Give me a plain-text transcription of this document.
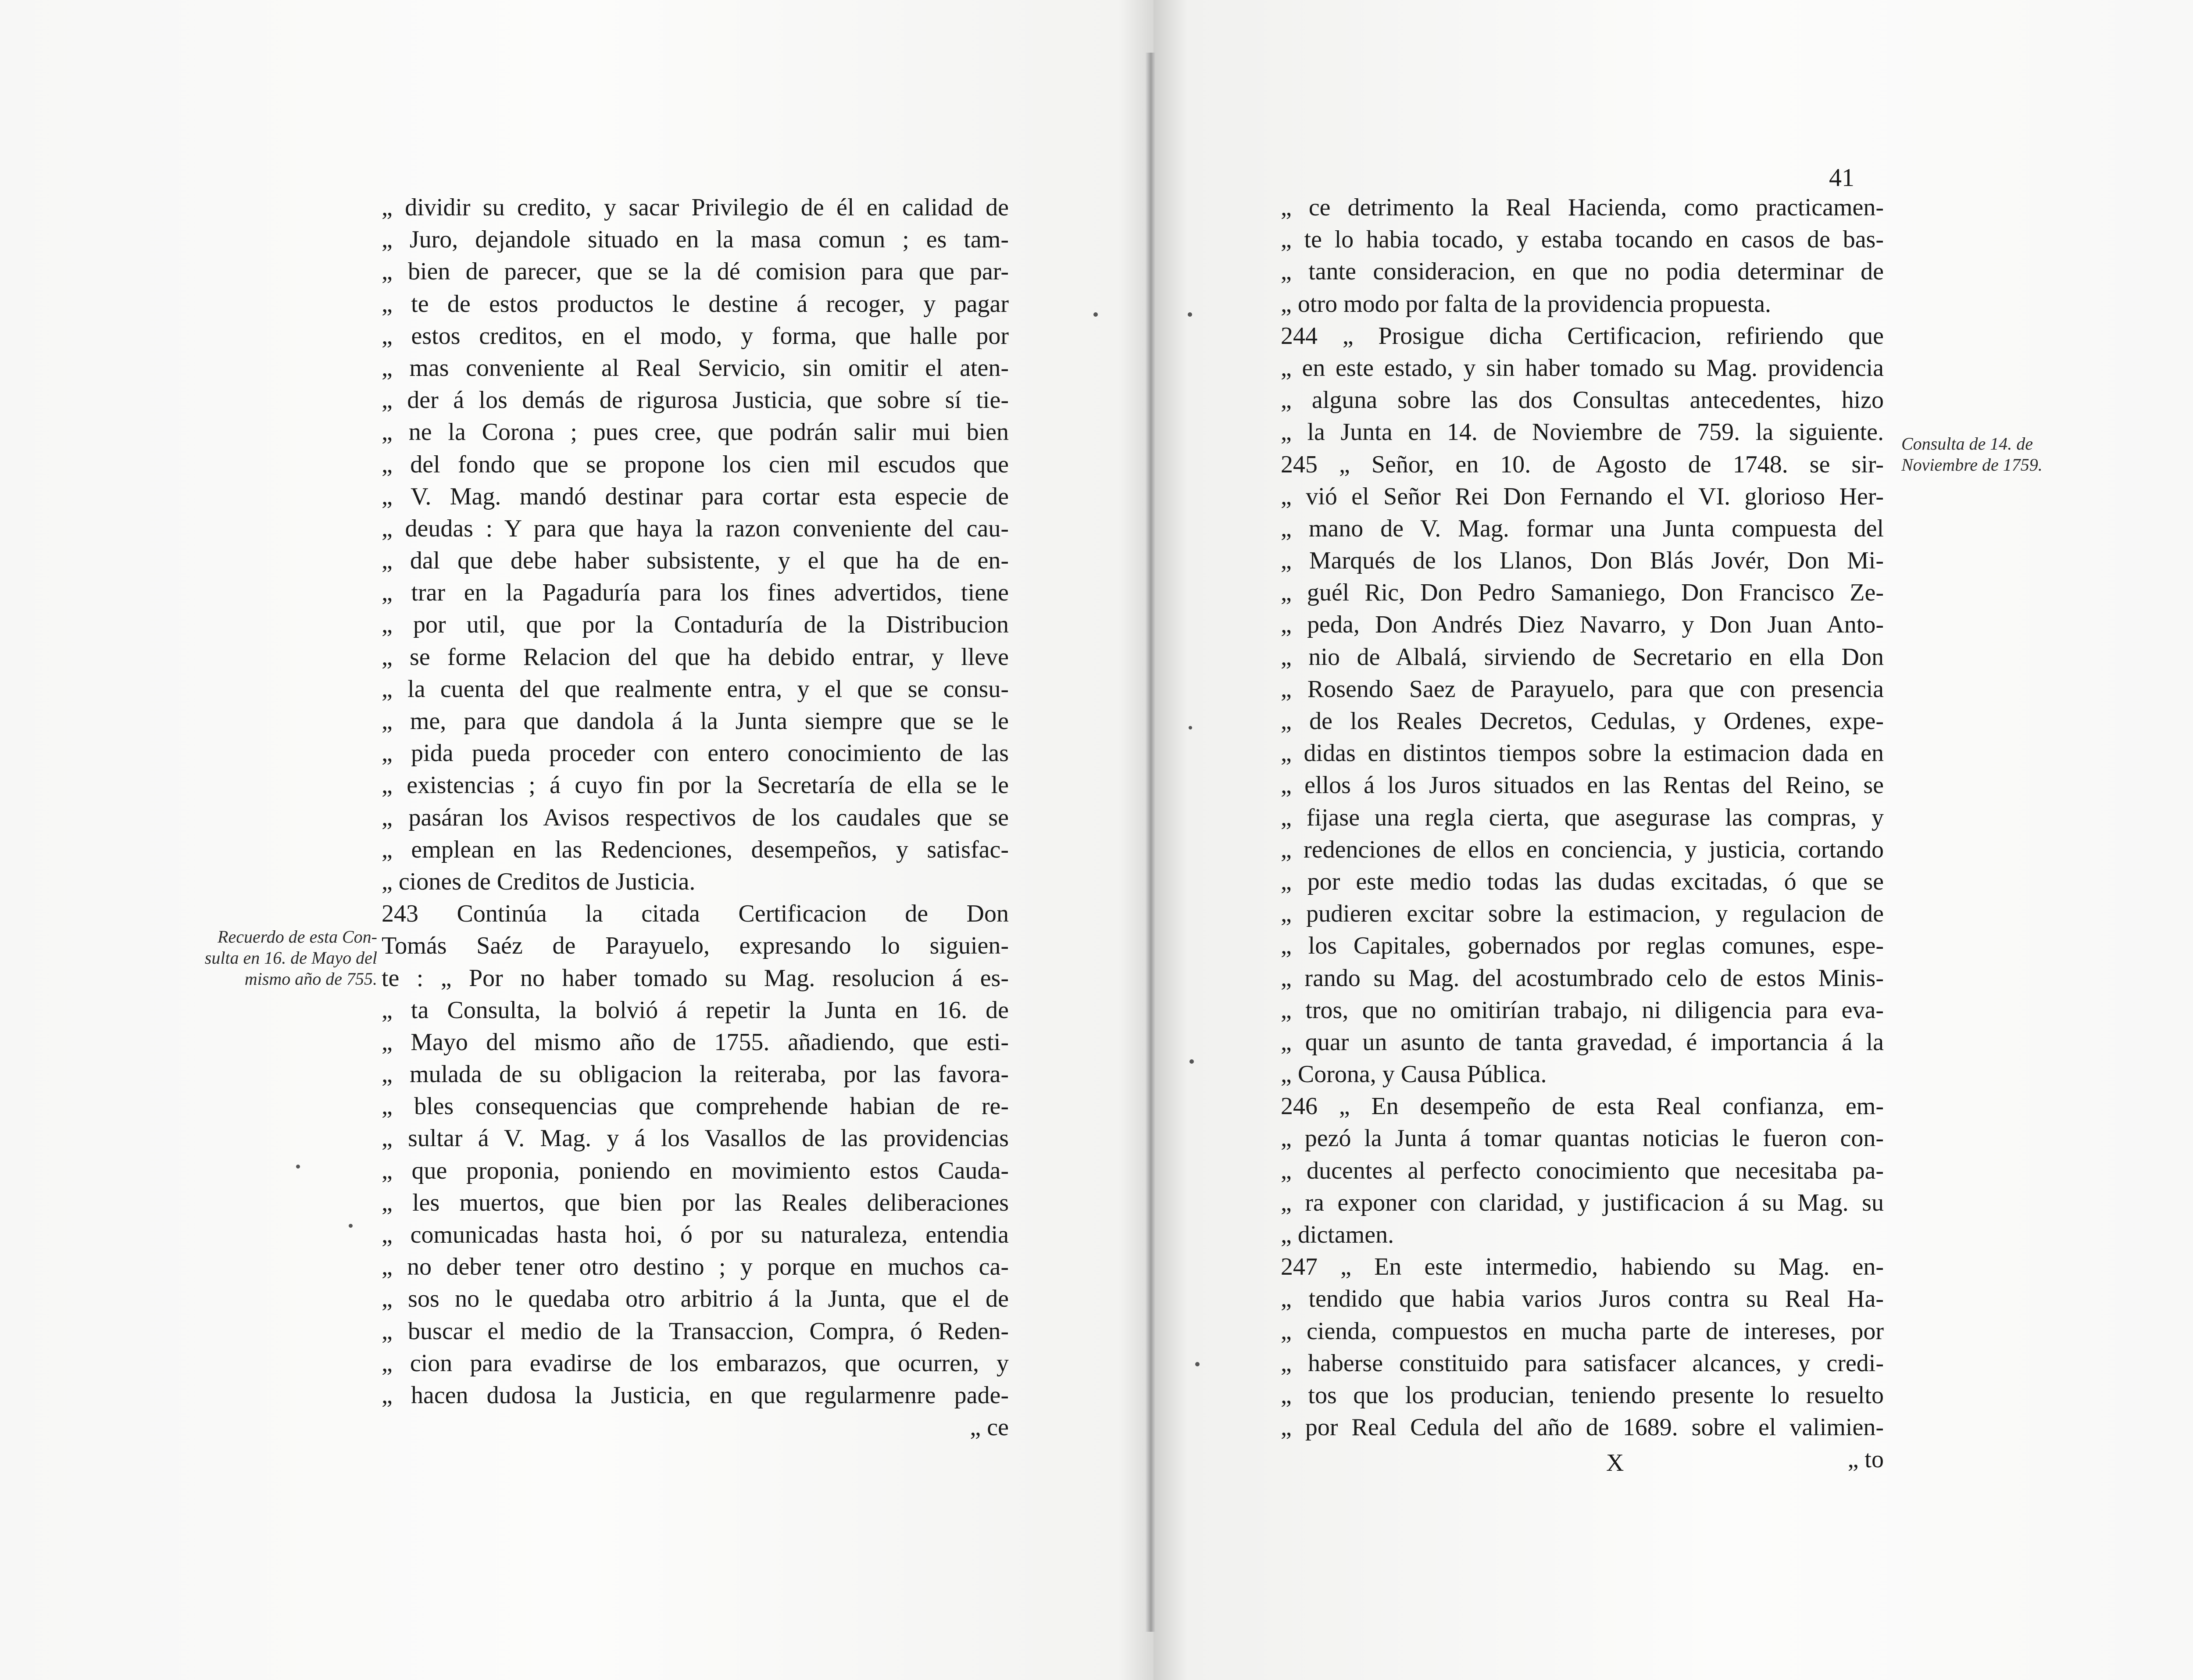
„ dividir su credito, y sacar Privilegio de él en calidad de
„ Juro, dejandole situado en la masa comun ; es tam-
„ bien de parecer, que se la dé comision para que par-
„ te de estos productos le destine á recoger, y pagar
„ estos creditos, en el modo, y forma, que halle por
„ mas conveniente al Real Servicio, sin omitir el aten-
„ der á los demás de rigurosa Justicia, que sobre sí tie-
„ ne la Corona ; pues cree, que podrán salir mui bien
„ del fondo que se propone los cien mil escudos que
„ V. Mag. mandó destinar para cortar esta especie de
„ deudas : Y para que haya la razon conveniente del cau-
„ dal que debe haber subsistente, y el que ha de en-
„ trar en la Pagaduría para los fines advertidos, tiene
„ por util, que por la Contaduría de la Distribucion
„ se forme Relacion del que ha debido entrar, y lleve
„ la cuenta del que realmente entra, y el que se consu-
„ me, para que dandola á la Junta siempre que se le
„ pida pueda proceder con entero conocimiento de las
„ existencias ; á cuyo fin por la Secretaría de ella se le
„ pasáran los Avisos respectivos de los caudales que se
„ emplean en las Redenciones, desempeños, y satisfac-
„ ciones de Creditos de Justicia.
243 Continúa la citada Certificacion de Don
Tomás Saéz de Parayuelo, expresando lo siguien-
te : „ Por no haber tomado su Mag. resolucion á es-
„ ta Consulta, la bolvió á repetir la Junta en 16. de
„ Mayo del mismo año de 1755. añadiendo, que esti-
„ mulada de su obligacion la reiteraba, por las favora-
„ bles consequencias que comprehende habian de re-
„ sultar á V. Mag. y á los Vasallos de las providencias
„ que proponia, poniendo en movimiento estos Cauda-
„ les muertos, que bien por las Reales deliberaciones
„ comunicadas hasta hoi, ó por su naturaleza, entendia
„ no deber tener otro destino ; y porque en muchos ca-
„ sos no le quedaba otro arbitrio á la Junta, que el de
„ buscar el medio de la Transaccion, Compra, ó Reden-
„ cion para evadirse de los embarazos, que ocurren, y
„ hacen dudosa la Justicia, en que regularmenre pade-
„ ce
Recuerdo de esta Con-sulta en 16. de Mayo del mismo año de 755.
41
„ ce detrimento la Real Hacienda, como practicamen-
„ te lo habia tocado, y estaba tocando en casos de bas-
„ tante consideracion, en que no podia determinar de
„ otro modo por falta de la providencia propuesta.
244 „ Prosigue dicha Certificacion, refiriendo que
„ en este estado, y sin haber tomado su Mag. providencia
„ alguna sobre las dos Consultas antecedentes, hizo
„ la Junta en 14. de Noviembre de 759. la siguiente.
245 „ Señor, en 10. de Agosto de 1748. se sir-
„ vió el Señor Rei Don Fernando el VI. glorioso Her-
„ mano de V. Mag. formar una Junta compuesta del
„ Marqués de los Llanos, Don Blás Jovér, Don Mi-
„ guél Ric, Don Pedro Samaniego, Don Francisco Ze-
„ peda, Don Andrés Diez Navarro, y Don Juan Anto-
„ nio de Albalá, sirviendo de Secretario en ella Don
„ Rosendo Saez de Parayuelo, para que con presencia
„ de los Reales Decretos, Cedulas, y Ordenes, expe-
„ didas en distintos tiempos sobre la estimacion dada en
„ ellos á los Juros situados en las Rentas del Reino, se
„ fijase una regla cierta, que asegurase las compras, y
„ redenciones de ellos en conciencia, y justicia, cortando
„ por este medio todas las dudas excitadas, ó que se
„ pudieren excitar sobre la estimacion, y regulacion de
„ los Capitales, gobernados por reglas comunes, espe-
„ rando su Mag. del acostumbrado celo de estos Minis-
„ tros, que no omitirían trabajo, ni diligencia para eva-
„ quar un asunto de tanta gravedad, é importancia á la
„ Corona, y Causa Pública.
246 „ En desempeño de esta Real confianza, em-
„ pezó la Junta á tomar quantas noticias le fueron con-
„ ducentes al perfecto conocimiento que necesitaba pa-
„ ra exponer con claridad, y justificacion á su Mag. su
„ dictamen.
247 „ En este intermedio, habiendo su Mag. en-
„ tendido que habia varios Juros contra su Real Ha-
„ cienda, compuestos en mucha parte de intereses, por
„ haberse constituido para satisfacer alcances, y credi-
„ tos que los producian, teniendo presente lo resuelto
„ por Real Cedula del año de 1689. sobre el valimien-
„ to
Consulta de 14. de Noviembre de 1759.
X
